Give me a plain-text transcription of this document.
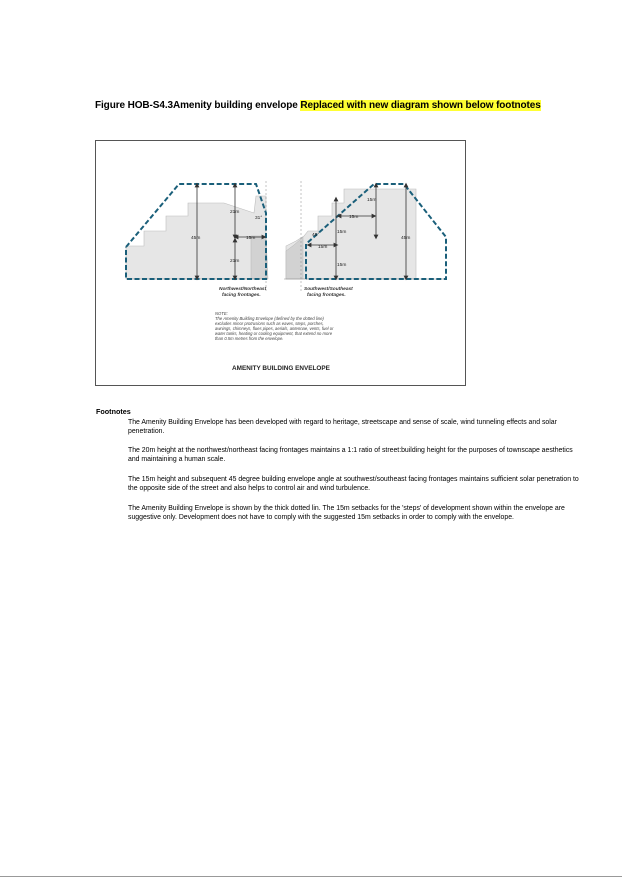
Figure HOB-S4.3Amenity building envelope Replaced with new diagram shown below footnotes
21m
45m	15m
21m
31°
Northwest/Northeast
facing frontages.
15m
15m
45°
15m
15m
15m
45m
Southwest/Southeast
facing frontages.
NOTE:
The Amenity Building Envelope (defined by the dotted line)
excludes minor protrusions such as eaves, steps, porches,
awnings, chimneys, flues pipes, aerials, antennae, vents, fuel or
water tanks, heating or cooling equipment, that extend no more
than 0.5m metres from the envelope.
AMENITY BUILDING ENVELOPE
Footnotes
The Amenity Building Envelope has been developed with regard to heritage, streetscape and sense of scale, wind tunneling effects and solar penetration.
The 20m height at the northwest/northeast facing frontages maintains a 1:1 ratio of street:building height for the purposes of townscape aesthetics and maintaining a human scale.
The 15m height and subsequent 45 degree building envelope angle at southwest/southeast facing frontages maintains sufficient solar penetration to the opposite side of the street and also helps to control air and wind turbulence.
The Amenity Building Envelope is shown by the thick dotted lin. The 15m setbacks for the 'steps' of development shown within the envelope are suggestive only. Development does not have to comply with the suggested 15m setbacks in order to comply with the envelope.
